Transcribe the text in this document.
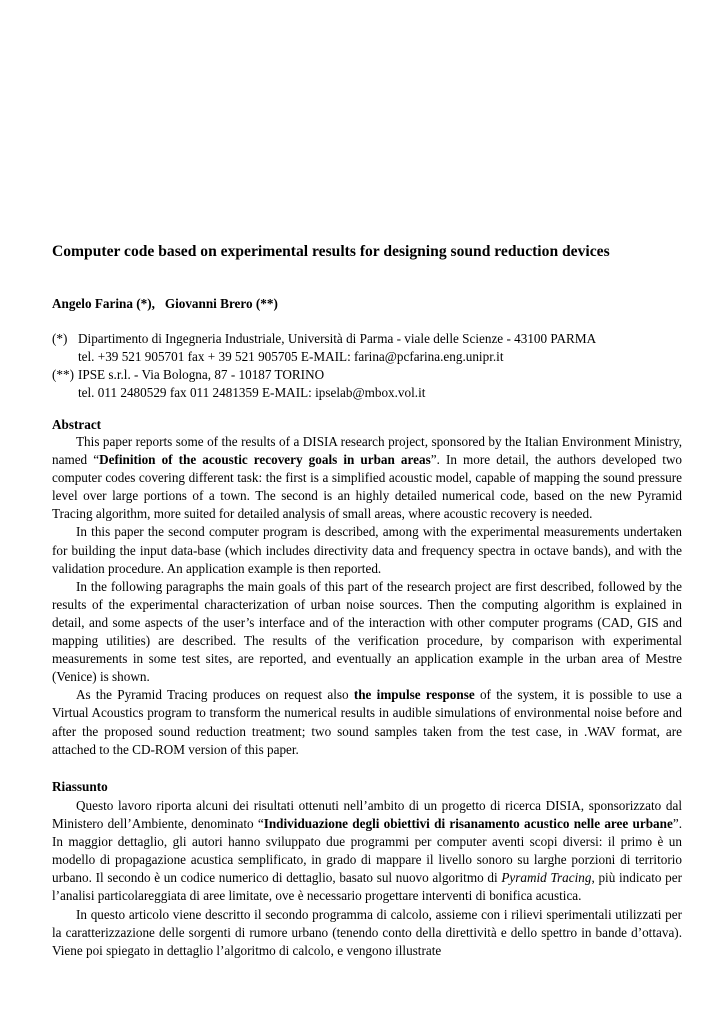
Computer code based on experimental results for designing sound reduction devices
Angelo Farina (*),   Giovanni Brero (**)
(*) Dipartimento di Ingegneria Industriale, Università di Parma - viale delle Scienze - 43100 PARMA
tel. +39 521 905701 fax + 39 521 905705 E-MAIL: farina@pcfarina.eng.unipr.it
(**) IPSE s.r.l. - Via Bologna, 87 - 10187 TORINO
tel. 011 2480529 fax 011 2481359 E-MAIL: ipselab@mbox.vol.it
Abstract

This paper reports some of the results of a DISIA research project, sponsored by the Italian Environment Ministry, named “Definition of the acoustic recovery goals in urban areas”. In more detail, the authors developed two computer codes covering different task: the first is a simplified acoustic model, capable of mapping the sound pressure level over large portions of a town. The second is an highly detailed numerical code, based on the new Pyramid Tracing algorithm, more suited for detailed analysis of small areas, where acoustic recovery is needed.

In this paper the second computer program is described, among with the experimental measurements undertaken for building the input data-base (which includes directivity data and frequency spectra in octave bands), and with the validation procedure. An application example is then reported.

In the following paragraphs the main goals of this part of the research project are first described, followed by the results of the experimental characterization of urban noise sources. Then the computing algorithm is explained in detail, and some aspects of the user’s interface and of the interaction with other computer programs (CAD, GIS and mapping utilities) are described. The results of the verification procedure, by comparison with experimental measurements in some test sites, are reported, and eventually an application example in the urban area of Mestre (Venice) is shown.

As the Pyramid Tracing produces on request also the impulse response of the system, it is possible to use a Virtual Acoustics program to transform the numerical results in audible simulations of environmental noise before and after the proposed sound reduction treatment; two sound samples taken from the test case, in .WAV format, are attached to the CD-ROM version of this paper.

Riassunto

Questo lavoro riporta alcuni dei risultati ottenuti nell’ambito di un progetto di ricerca DISIA, sponsorizzato dal Ministero dell’Ambiente, denominato “Individuazione degli obiettivi di risanamento acustico nelle aree urbane”. In maggior dettaglio, gli autori hanno sviluppato due programmi per computer aventi scopi diversi: il primo è un modello di propagazione acustica semplificato, in grado di mappare il livello sonoro su larghe porzioni di territorio urbano. Il secondo è un codice numerico di dettaglio, basato sul nuovo algoritmo di Pyramid Tracing, più indicato per l’analisi particolareggiata di aree limitate, ove è necessario progettare interventi di bonifica acustica.

In questo articolo viene descritto il secondo programma di calcolo, assieme con i rilievi sperimentali utilizzati per la caratterizzazione delle sorgenti di rumore urbano (tenendo conto della direttività e dello spettro in bande d’ottava). Viene poi spiegato in dettaglio l’algoritmo di calcolo, e vengono illustrate
